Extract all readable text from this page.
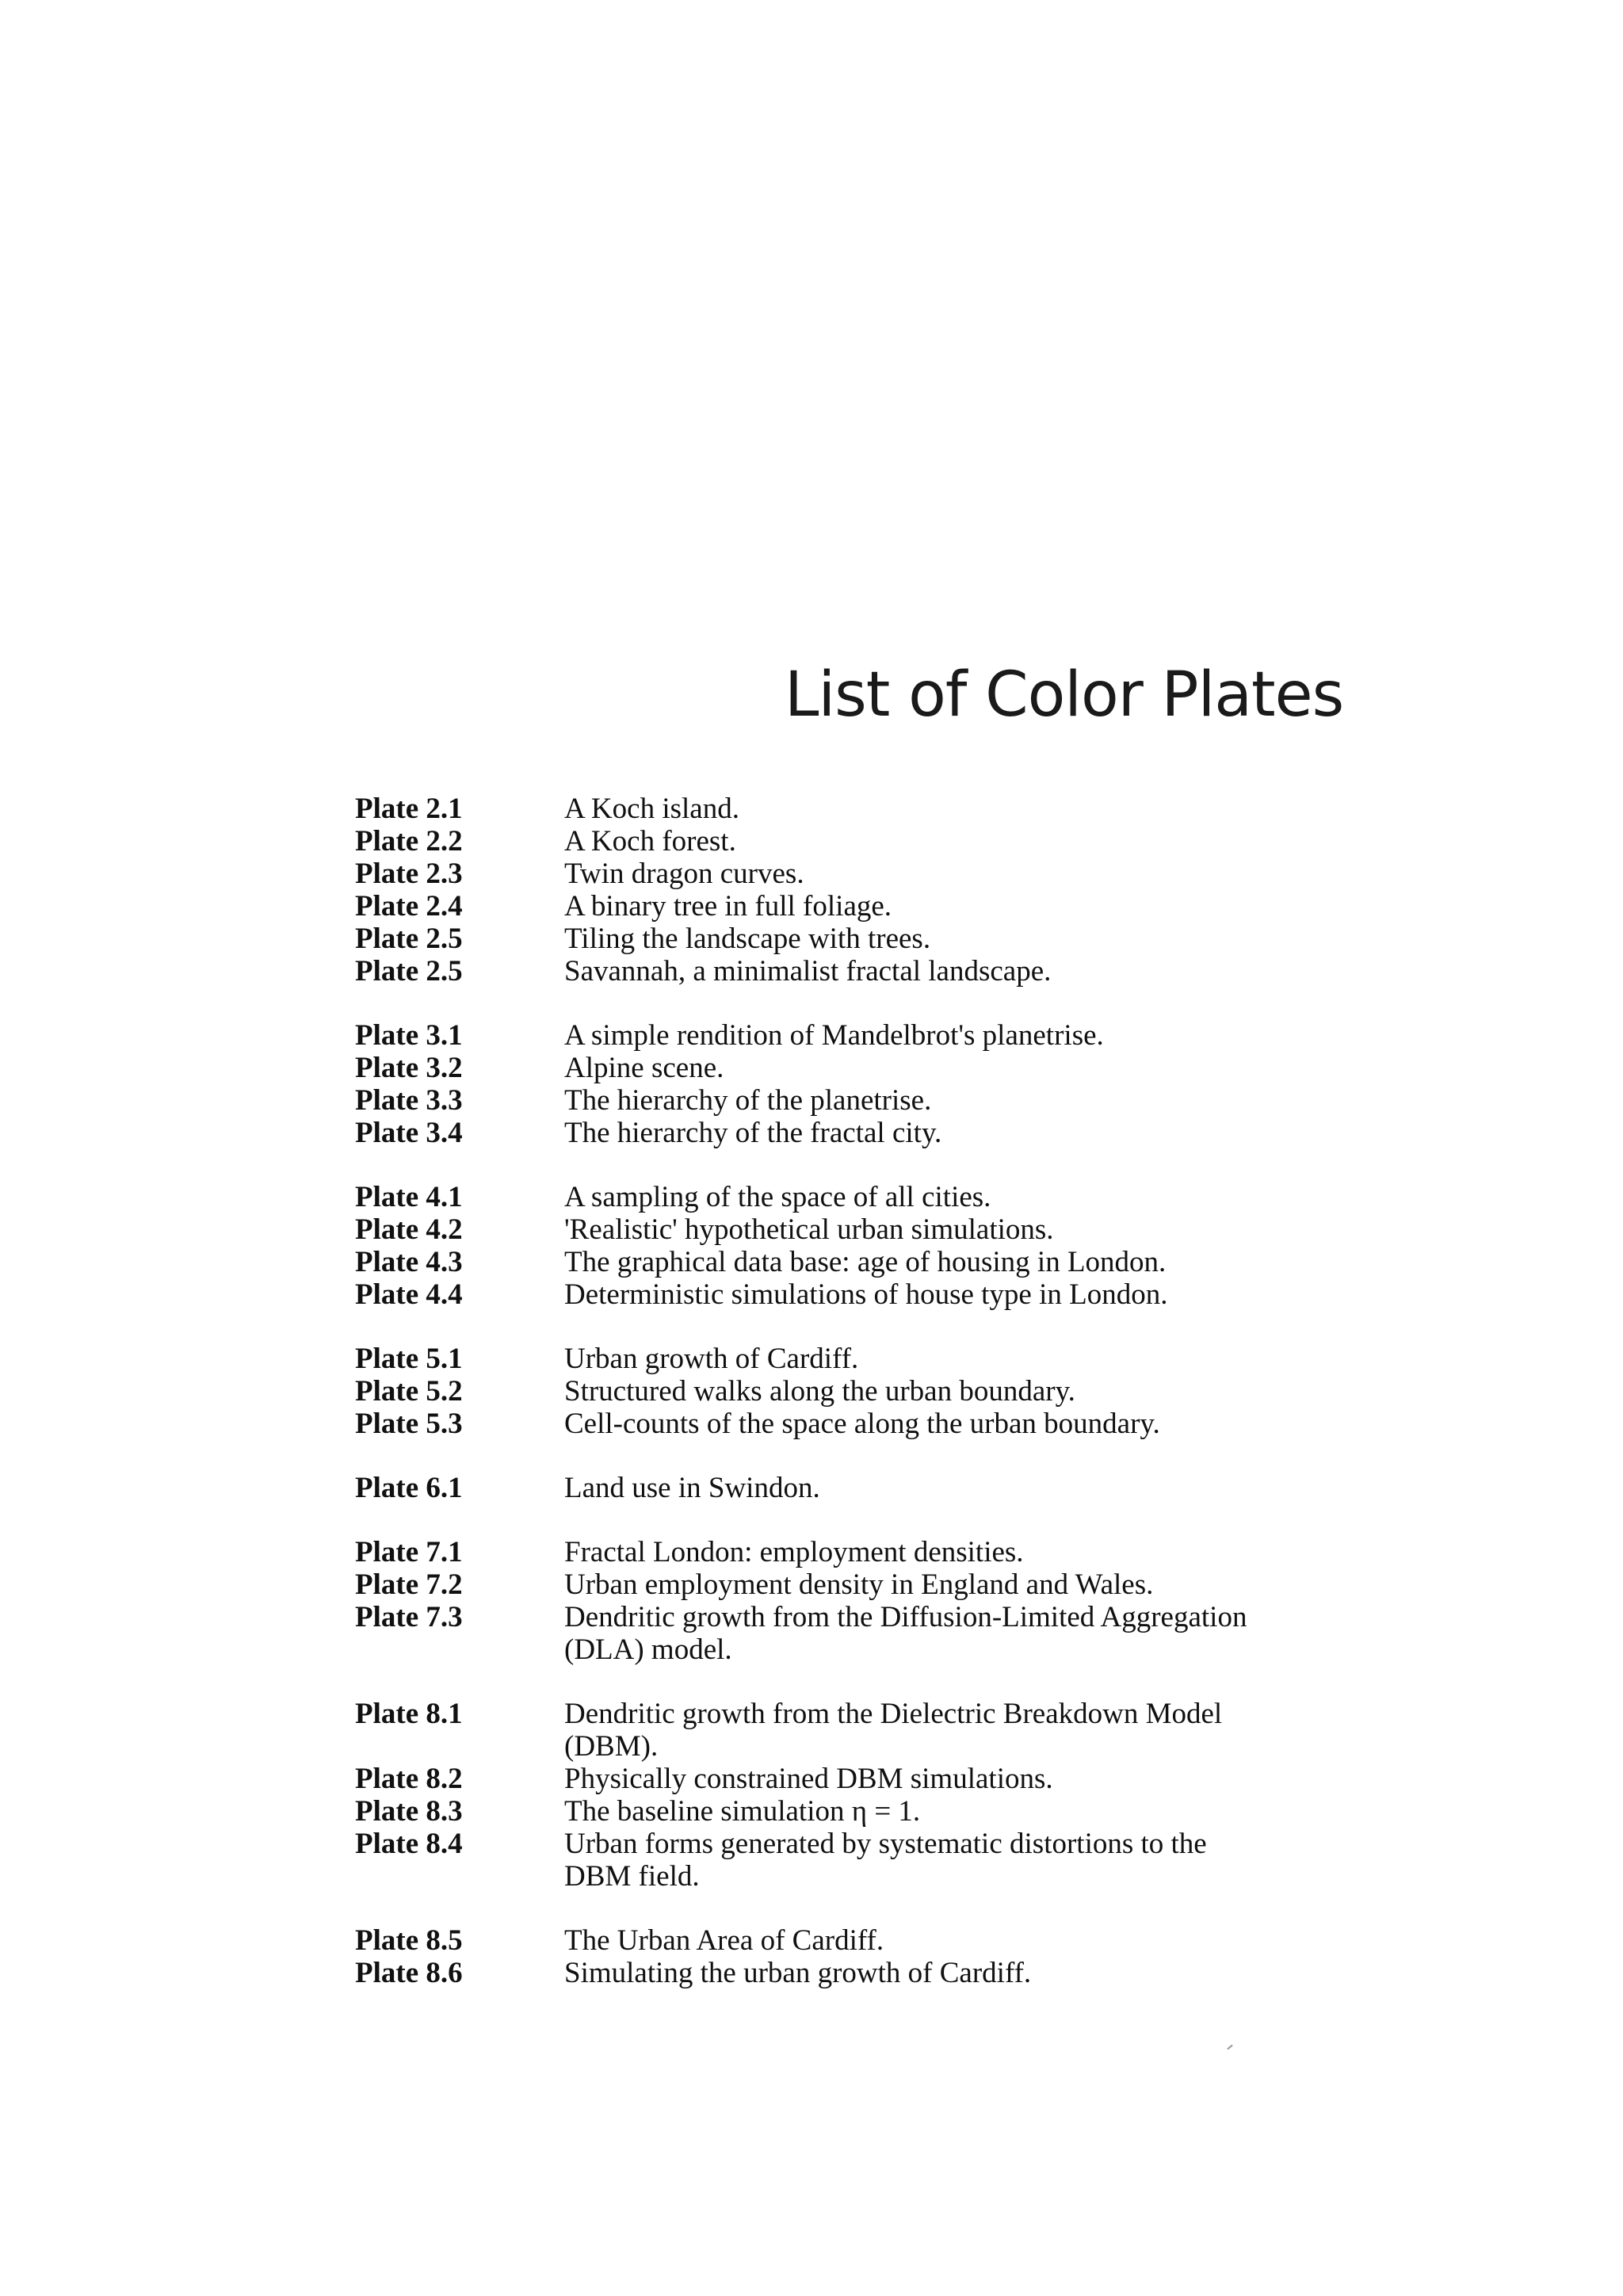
List of Color Plates
Plate 2.1	A Koch island.
Plate 2.2	A Koch forest.
Plate 2.3	Twin dragon curves.
Plate 2.4	A binary tree in full foliage.
Plate 2.5	Tiling the landscape with trees.
Plate 2.5	Savannah, a minimalist fractal landscape.
Plate 3.1	A simple rendition of Mandelbrot's planetrise.
Plate 3.2	Alpine scene.
Plate 3.3	The hierarchy of the planetrise.
Plate 3.4	The hierarchy of the fractal city.
Plate 4.1	A sampling of the space of all cities.
Plate 4.2	'Realistic' hypothetical urban simulations.
Plate 4.3	The graphical data base: age of housing in London.
Plate 4.4	Deterministic simulations of house type in London.
Plate 5.1	Urban growth of Cardiff.
Plate 5.2	Structured walks along the urban boundary.
Plate 5.3	Cell-counts of the space along the urban boundary.
Plate 6.1	Land use in Swindon.
Plate 7.1	Fractal London: employment densities.
Plate 7.2	Urban employment density in England and Wales.
Plate 7.3	Dendritic growth from the Diffusion-Limited Aggregation (DLA) model.
Plate 8.1	Dendritic growth from the Dielectric Breakdown Model (DBM).
Plate 8.2	Physically constrained DBM simulations.
Plate 8.3	The baseline simulation η = 1.
Plate 8.4	Urban forms generated by systematic distortions to the DBM field.
Plate 8.5	The Urban Area of Cardiff.
Plate 8.6	Simulating the urban growth of Cardiff.
